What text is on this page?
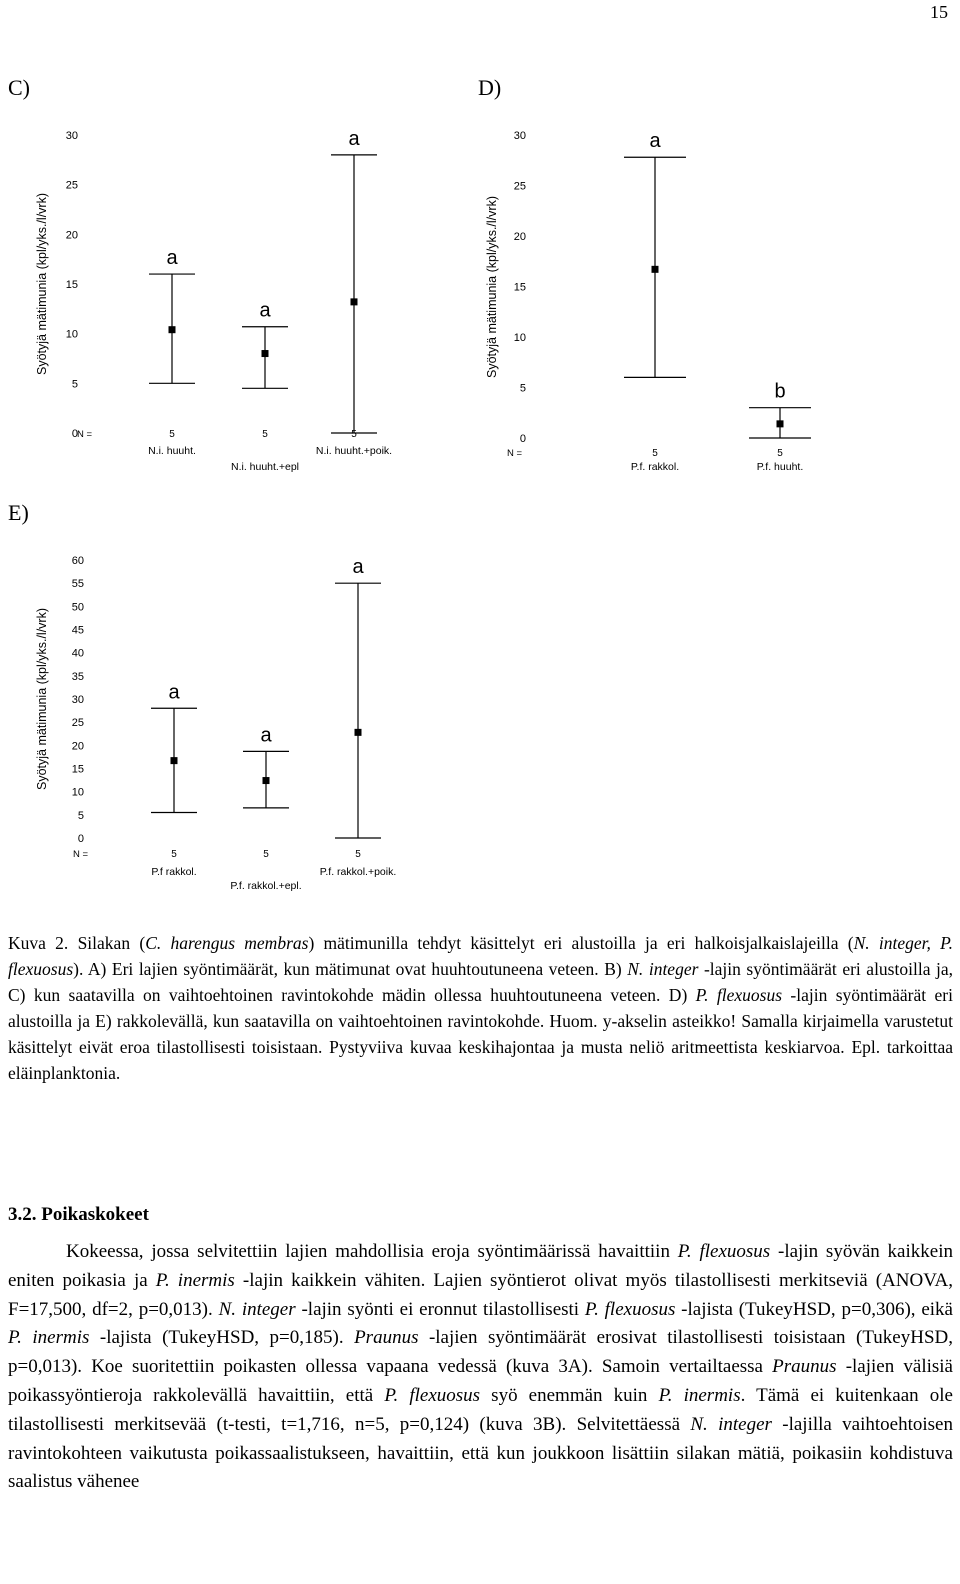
15
C)	D)
E)
0
5
10
15
20
25
30
Syötyjä mätimunia (kpl/yks./l/vrk)
N =
a
5
N.i. huuht.
a
5
N.i. huuht.+epl
a
5
N.i. huuht.+poik.
0
5
10
15
20
25
30
Syötyjä mätimunia (kpl/yks./l/vrk)
N =
a
5
P.f. rakkol.
b
5
P.f. huuht.
0
5
10
15
20
25
30
35
40
45
50
55
60
Syötyjä mätimunia (kpl/yks./l/vrk)
N =
a
5
P.f rakkol.
a
5
P.f. rakkol.+epl.
a
5
P.f. rakkol.+poik.

Kuva 2. Silakan (C. harengus membras) mätimunilla tehdyt käsittelyt eri alustoilla ja eri halkoisjalkaislajeilla (N. integer, P. flexuosus). A) Eri lajien syöntimäärät, kun mätimunat ovat huuhtoutuneena veteen. B) N. integer -lajin syöntimäärät eri alustoilla ja, C) kun saatavilla on vaihtoehtoinen ravintokohde mädin ollessa huuhtoutuneena veteen. D) P. flexuosus -lajin syöntimäärät eri alustoilla ja E) rakkolevällä, kun saatavilla on vaihtoehtoinen ravintokohde. Huom. y-akselin asteikko! Samalla kirjaimella varustetut käsittelyt eivät eroa tilastollisesti toisistaan. Pystyviiva kuvaa keskihajontaa ja musta neliö aritmeettista keskiarvoa. Epl. tarkoittaa eläinplanktonia.

3.2. Poikaskokeet

Kokeessa, jossa selvitettiin lajien mahdollisia eroja syöntimäärissä havaittiin P. flexuosus -lajin syövän kaikkein eniten poikasia ja P. inermis -lajin kaikkein vähiten. Lajien syöntierot olivat myös tilastollisesti merkitseviä (ANOVA, F=17,500, df=2, p=0,013). N. integer -lajin syönti ei eronnut tilastollisesti P. flexuosus -lajista (TukeyHSD, p=0,306), eikä P. inermis -lajista (TukeyHSD, p=0,185). Praunus -lajien syöntimäärät erosivat tilastollisesti toisistaan (TukeyHSD, p=0,013). Koe suoritettiin poikasten ollessa vapaana vedessä (kuva 3A). Samoin vertailtaessa Praunus -lajien välisiä poikassyöntieroja rakkolevällä havaittiin, että P. flexuosus syö enemmän kuin P. inermis. Tämä ei kuitenkaan ole tilastollisesti merkitsevää (t-testi, t=1,716, n=5, p=0,124) (kuva 3B). Selvitettäessä N. integer -lajilla vaihtoehtoisen ravintokohteen vaikutusta poikassaalistukseen, havaittiin, että kun joukkoon lisättiin silakan mätiä, poikasiin kohdistuva saalistus vähenee
